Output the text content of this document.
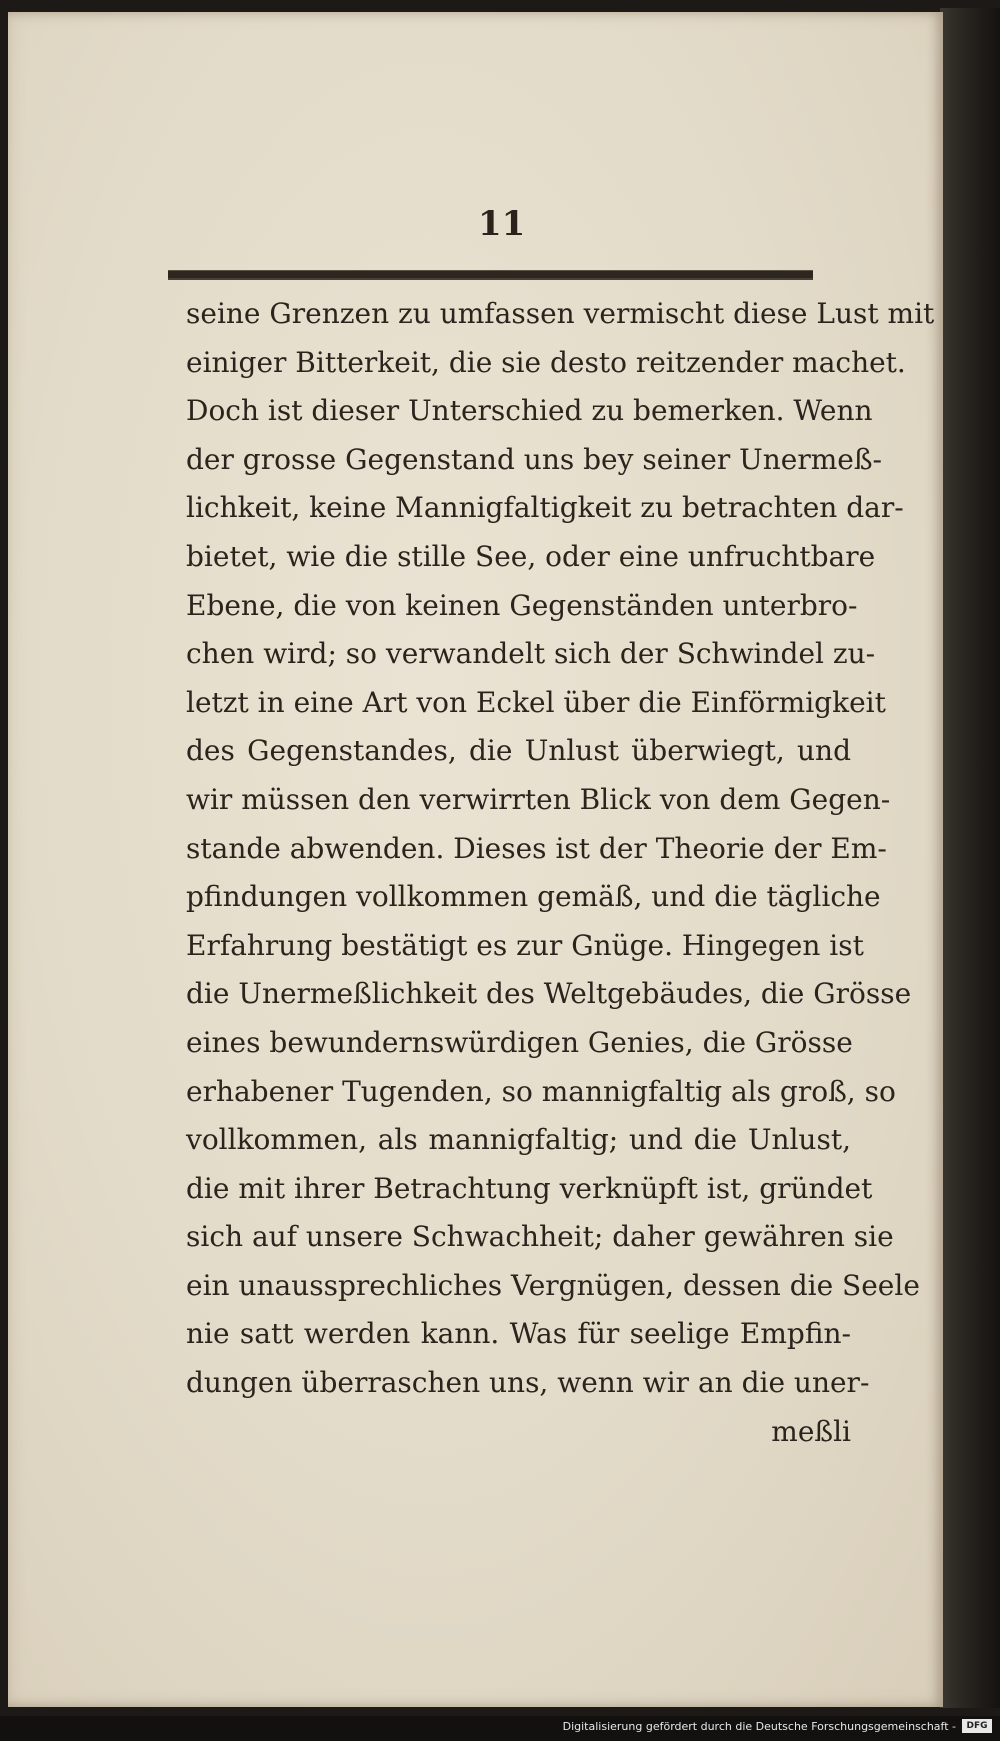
11
seine Grenzen zu umfassen vermischt diese Lust mit
einiger Bitterkeit, die sie desto reitzender machet.
Doch ist dieser Unterschied zu bemerken. Wenn
der grosse Gegenstand uns bey seiner Unermeß-
lichkeit, keine Mannigfaltigkeit zu betrachten dar-
bietet, wie die stille See, oder eine unfruchtbare
Ebene, die von keinen Gegenständen unterbro-
chen wird; so verwandelt sich der Schwindel zu-
letzt in eine Art von Eckel über die Einförmigkeit
des Gegenstandes, die Unlust überwiegt, und
wir müssen den verwirrten Blick von dem Gegen-
stande abwenden. Dieses ist der Theorie der Em-
pfindungen vollkommen gemäß, und die tägliche
Erfahrung bestätigt es zur Gnüge. Hingegen ist
die Unermeßlichkeit des Weltgebäudes, die Grösse
eines bewundernswürdigen Genies, die Grösse
erhabener Tugenden, so mannigfaltig als groß, so
vollkommen, als mannigfaltig; und die Unlust,
die mit ihrer Betrachtung verknüpft ist, gründet
sich auf unsere Schwachheit; daher gewähren sie
ein unaussprechliches Vergnügen, dessen die Seele
nie satt werden kann. Was für seelige Empfin-
dungen überraschen uns, wenn wir an die uner-
meßli
Digitalisierung gefördert durch die Deutsche Forschungsgemeinschaft -	DFG
